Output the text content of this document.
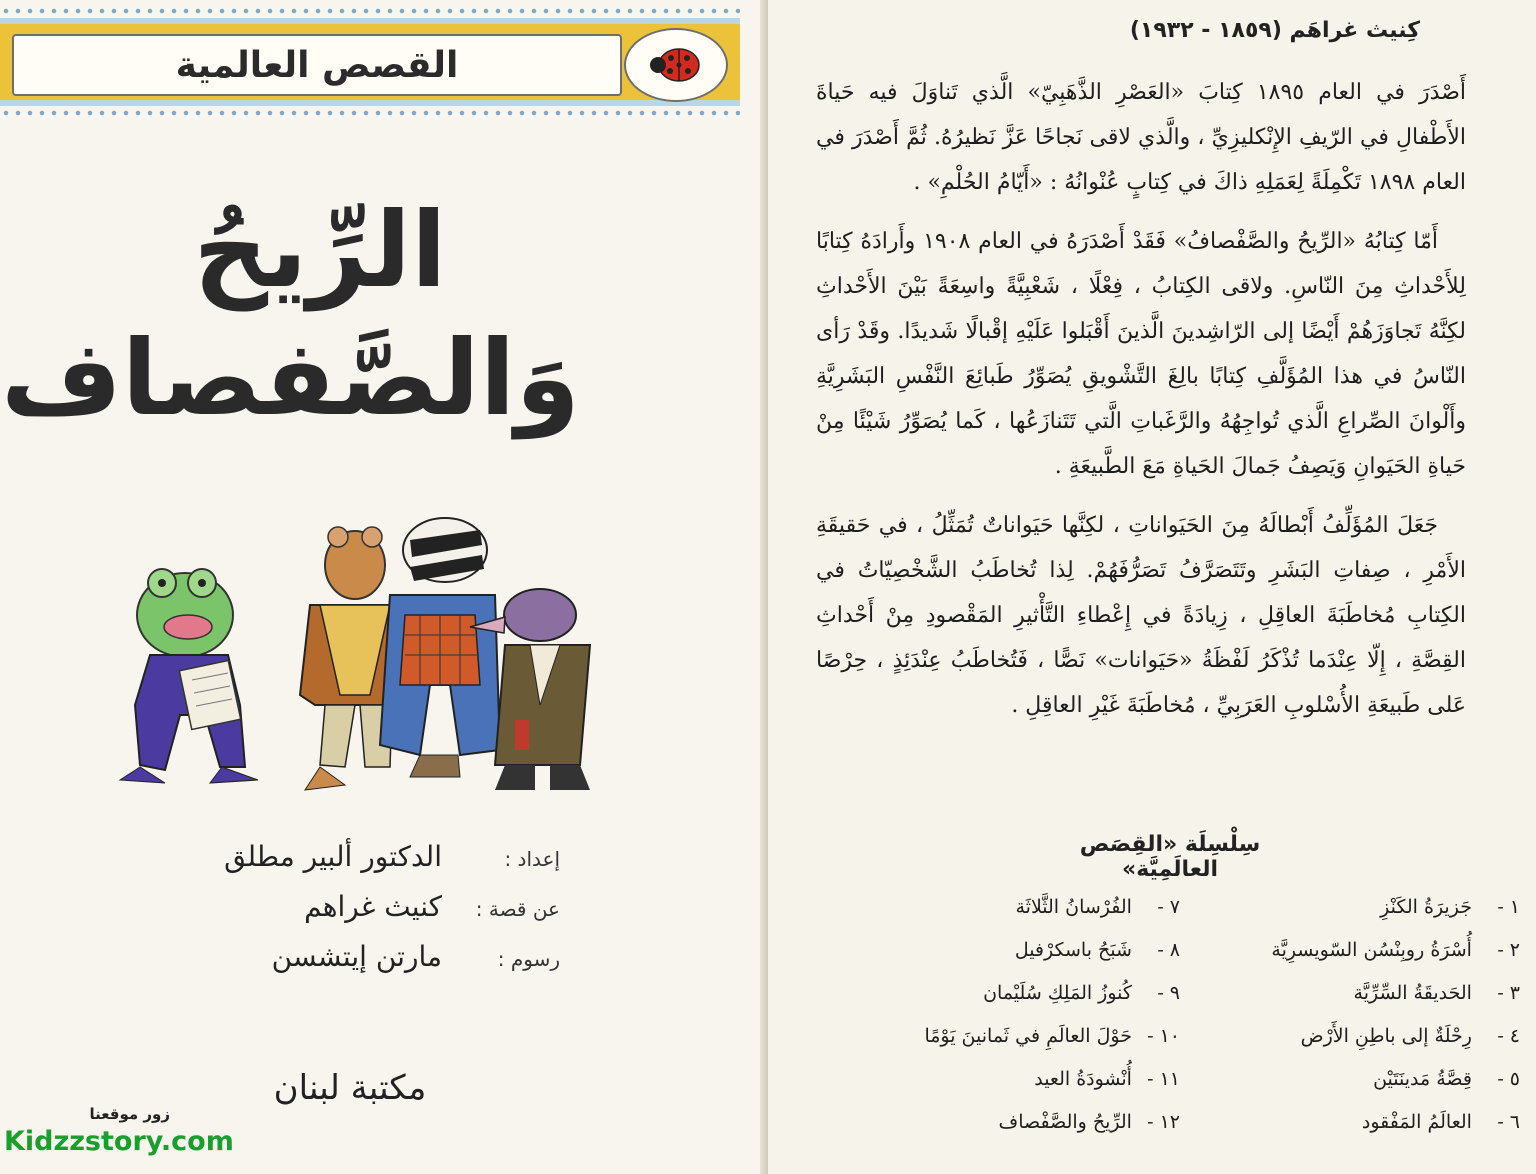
القصص العالمية
الرِّيحُ
وَالصَّفصاف
إعداد :
الدكتور ألبير مطلق
عن قصة :
كنيث غراهم
رسوم :
مارتن إيتشسن
مكتبة لبنان
زور موقعنا
Kidzzstory.com
كِنيث غراهَم (١٨٥٩ - ١٩٣٢)

أَصْدَرَ في العام ١٨٩٥ كِتابَ «العَصْرِ الذَّهَبِيّ» الَّذي تَناوَلَ فيه حَياةَ الأَطْفالِ في الرّيفِ الإِنْكليزِيِّ ، والَّذي لاقى نَجاحًا عَزَّ نَظيرُهُ. ثُمَّ أَصْدَرَ في العام ١٨٩٨ تَكْمِلَةً لِعَمَلِهِ ذاكَ في كِتابٍ عُنْوانُهُ : «أَيّامُ الحُلْمِ» .

أَمّا كِتابُهُ «الرِّيحُ والصَّفْصافُ» فَقَدْ أَصْدَرَهُ في العام ١٩٠٨ وأَرادَهُ كِتابًا لِلأَحْداثِ مِنَ النّاسِ. ولاقى الكِتابُ ، فِعْلًا ، شَعْبِيَّةً واسِعَةً بَيْنَ الأَحْداثِ لكِنَّهُ تَجاوَزَهُمْ أَيْضًا إلى الرّاشِدينَ الَّذينَ أَقْبَلوا عَلَيْهِ إقْبالًا شَديدًا. وقَدْ رَأى النّاسُ في هذا المُؤَلَّفِ كِتابًا بالِغَ التَّشْويقِ يُصَوِّرُ طَبائِعَ النَّفْسِ البَشَرِيَّةِ وأَلْوانَ الصِّراعِ الَّذي تُواجِهُهُ والرَّغَباتِ الَّتي تَتَنازَعُها ، كَما يُصَوِّرُ شَيْئًا مِنْ حَياةِ الحَيَوانِ وَيَصِفُ جَمالَ الحَياةِ مَعَ الطَّبيعَةِ .

جَعَلَ المُؤَلِّفُ أَبْطالَهُ مِنَ الحَيَواناتِ ، لكِنَّها حَيَواناتٌ تُمَثِّلُ ، في حَقيقَةِ الأَمْرِ ، صِفاتِ البَشَرِ وتَتَصَرَّفُ تَصَرُّفَهُمْ. لِذا تُخاطَبُ الشَّخْصِيّاتُ في الكِتابِ مُخاطَبَةَ العاقِلِ ، زِيادَةً في إِعْطاءِ التَّأْثيرِ المَقْصودِ مِنْ أَحْداثِ القِصَّةِ ، إِلّا عِنْدَما تُذْكَرُ لَفْظَةُ «حَيَوانات» نَصًّا ، فَتُخاطَبُ عِنْدَئِذٍ ، حِرْصًا عَلى طَبيعَةِ الأُسْلوبِ العَرَبِيِّ ، مُخاطَبَةَ غَيْرِ العاقِلِ .

سِلْسِلَة «القِصَص العالَمِيَّة»
١ - جَزيرَةُ الكَنْزِ
٢ - أُسْرَةُ روبِنْسُن السّويسرِيَّة
٣ - الحَديقَةُ السِّرِّيَّة
٤ - رِحْلَةٌ إلى باطِنِ الأَرْض
٥ - قِصَّةُ مَدينَتَيْن
٦ - العالَمُ المَفْقود
٧ - الفُرْسانُ الثَّلاثَة
٨ - شَبَحُ باسكرْفيل
٩ - كُنوزُ المَلِكِ سُلَيْمان
١٠ - حَوْلَ العالَمِ في ثَمانينَ يَوْمًا
١١ - أُنْشودَةُ العيد
١٢ - الرِّيحُ والصَّفْصاف
